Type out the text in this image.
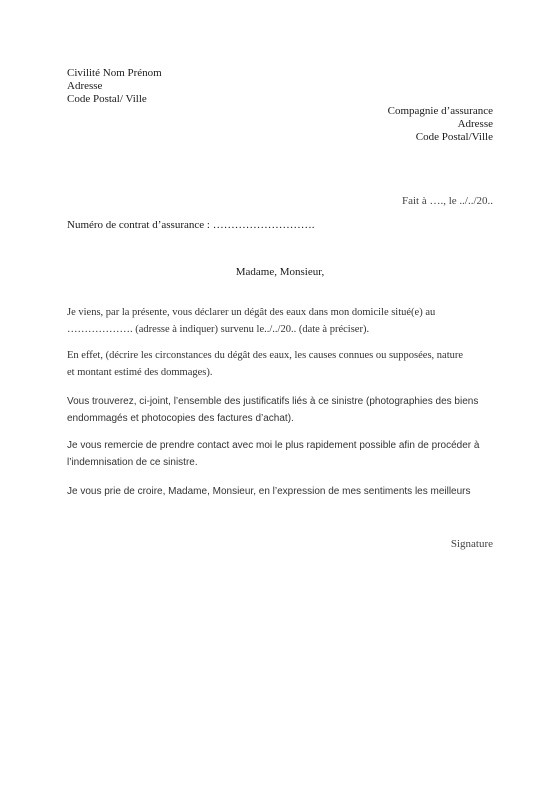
Civilité Nom Prénom
Adresse
Code Postal/ Ville
Compagnie d’assurance
Adresse
Code Postal/Ville
Fait à …., le ../../20..
Numéro de contrat d’assurance : ……………………….
Madame, Monsieur,
Je viens, par la présente, vous déclarer un dégât des eaux dans mon domicile situé(e) au
………………. (adresse à indiquer) survenu le../../20.. (date à préciser).
En effet, (décrire les circonstances du dégât des eaux, les causes connues ou supposées, nature
et montant estimé des dommages).
Vous trouverez, ci-joint, l’ensemble des justificatifs liés à ce sinistre (photographies des biens
endommagés et photocopies des factures d’achat).
Je vous remercie de prendre contact avec moi le plus rapidement possible afin de procéder à
l’indemnisation de ce sinistre.
Je vous prie de croire, Madame, Monsieur, en l’expression de mes sentiments les meilleurs
Signature
